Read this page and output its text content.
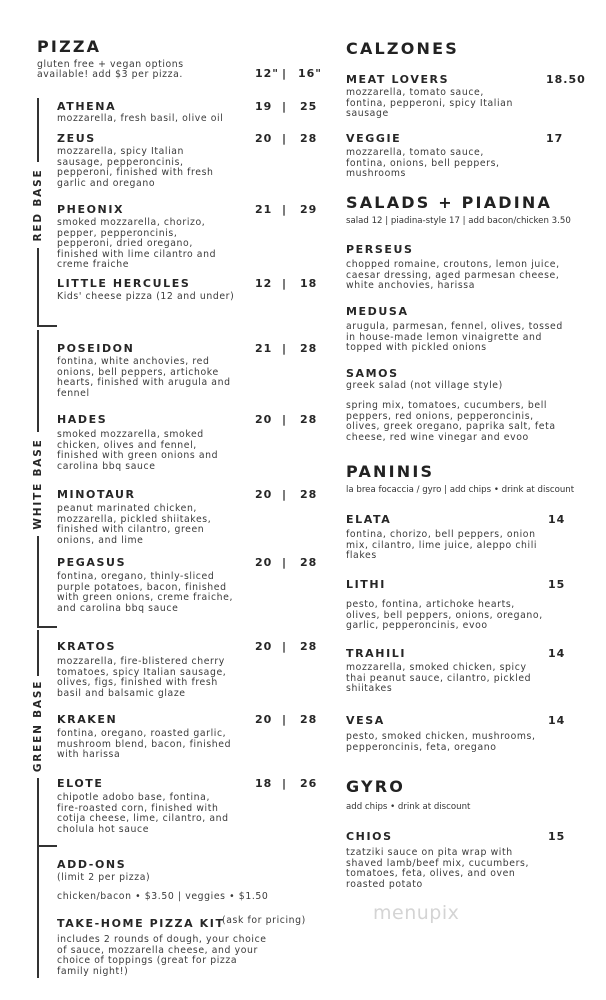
PIZZA
gluten free + vegan options
available! add $3 per pizza.	12" | 16"
RED BASE
WHITE BASE
GREEN BASE
ATHENA	19 | 25
mozzarella, fresh basil, olive oil
ZEUS	20 | 28
mozzarella, spicy Italian
sausage, pepperoncinis,
pepperoni, finished with fresh
garlic and oregano
PHEONIX	21 | 29
smoked mozzarella, chorizo,
pepper, pepperoncinis,
pepperoni, dried oregano,
finished with lime cilantro and
creme fraiche
LITTLE HERCULES	12 | 18
Kids' cheese pizza (12 and under)
POSEIDON	21 | 28
fontina, white anchovies, red
onions, bell peppers, artichoke
hearts, finished with arugula and
fennel
HADES	20 | 28
smoked mozzarella, smoked
chicken, olives and fennel,
finished with green onions and
carolina bbq sauce
MINOTAUR	20 | 28
peanut marinated chicken,
mozzarella, pickled shiitakes,
finished with cilantro, green
onions, and lime
PEGASUS	20 | 28
fontina, oregano, thinly-sliced
purple potatoes, bacon, finished
with green onions, creme fraiche,
and carolina bbq sauce
KRATOS	20 | 28
mozzarella, fire-blistered cherry
tomatoes, spicy Italian sausage,
olives, figs, finished with fresh
basil and balsamic glaze
KRAKEN	20 | 28
fontina, oregano, roasted garlic,
mushroom blend, bacon, finished
with harissa
ELOTE	18 | 26
chipotle adobo base, fontina,
fire-roasted corn, finished with
cotija cheese, lime, cilantro, and
cholula hot sauce
ADD-ONS
(limit 2 per pizza)
chicken/bacon • $3.50 | veggies • $1.50
TAKE-HOME PIZZA KIT
(ask for pricing)
includes 2 rounds of dough, your choice
of sauce, mozzarella cheese, and your
choice of toppings (great for pizza
family night!)
CALZONES
SALADS + PIADINA
salad 12 | piadina-style 17 | add bacon/chicken 3.50
greek salad (not village style)
PANINIS
la brea focaccia / gyro | add chips • drink at discount
GYRO
add chips • drink at discount
MEAT LOVERS	18.50
mozzarella, tomato sauce,
fontina, pepperoni, spicy Italian
sausage
VEGGIE	17
mozzarella, tomato sauce,
fontina, onions, bell peppers,
mushrooms
PERSEUS
chopped romaine, croutons, lemon juice,
caesar dressing, aged parmesan cheese,
white anchovies, harissa
MEDUSA
arugula, parmesan, fennel, olives, tossed
in house-made lemon vinaigrette and
topped with pickled onions
SAMOS
spring mix, tomatoes, cucumbers, bell
peppers, red onions, pepperoncinis,
olives, greek oregano, paprika salt, feta
cheese, red wine vinegar and evoo
ELATA	14
fontina, chorizo, bell peppers, onion
mix, cilantro, lime juice, aleppo chili
flakes
LITHI	15
pesto, fontina, artichoke hearts,
olives, bell peppers, onions, oregano,
garlic, pepperoncinis, evoo
TRAHILI	14
mozzarella, smoked chicken, spicy
thai peanut sauce, cilantro, pickled
shiitakes
VESA	14
pesto, smoked chicken, mushrooms,
pepperoncinis, feta, oregano
CHIOS	15
tzatziki sauce on pita wrap with
shaved lamb/beef mix, cucumbers,
tomatoes, feta, olives, and oven
roasted potato
menupix
